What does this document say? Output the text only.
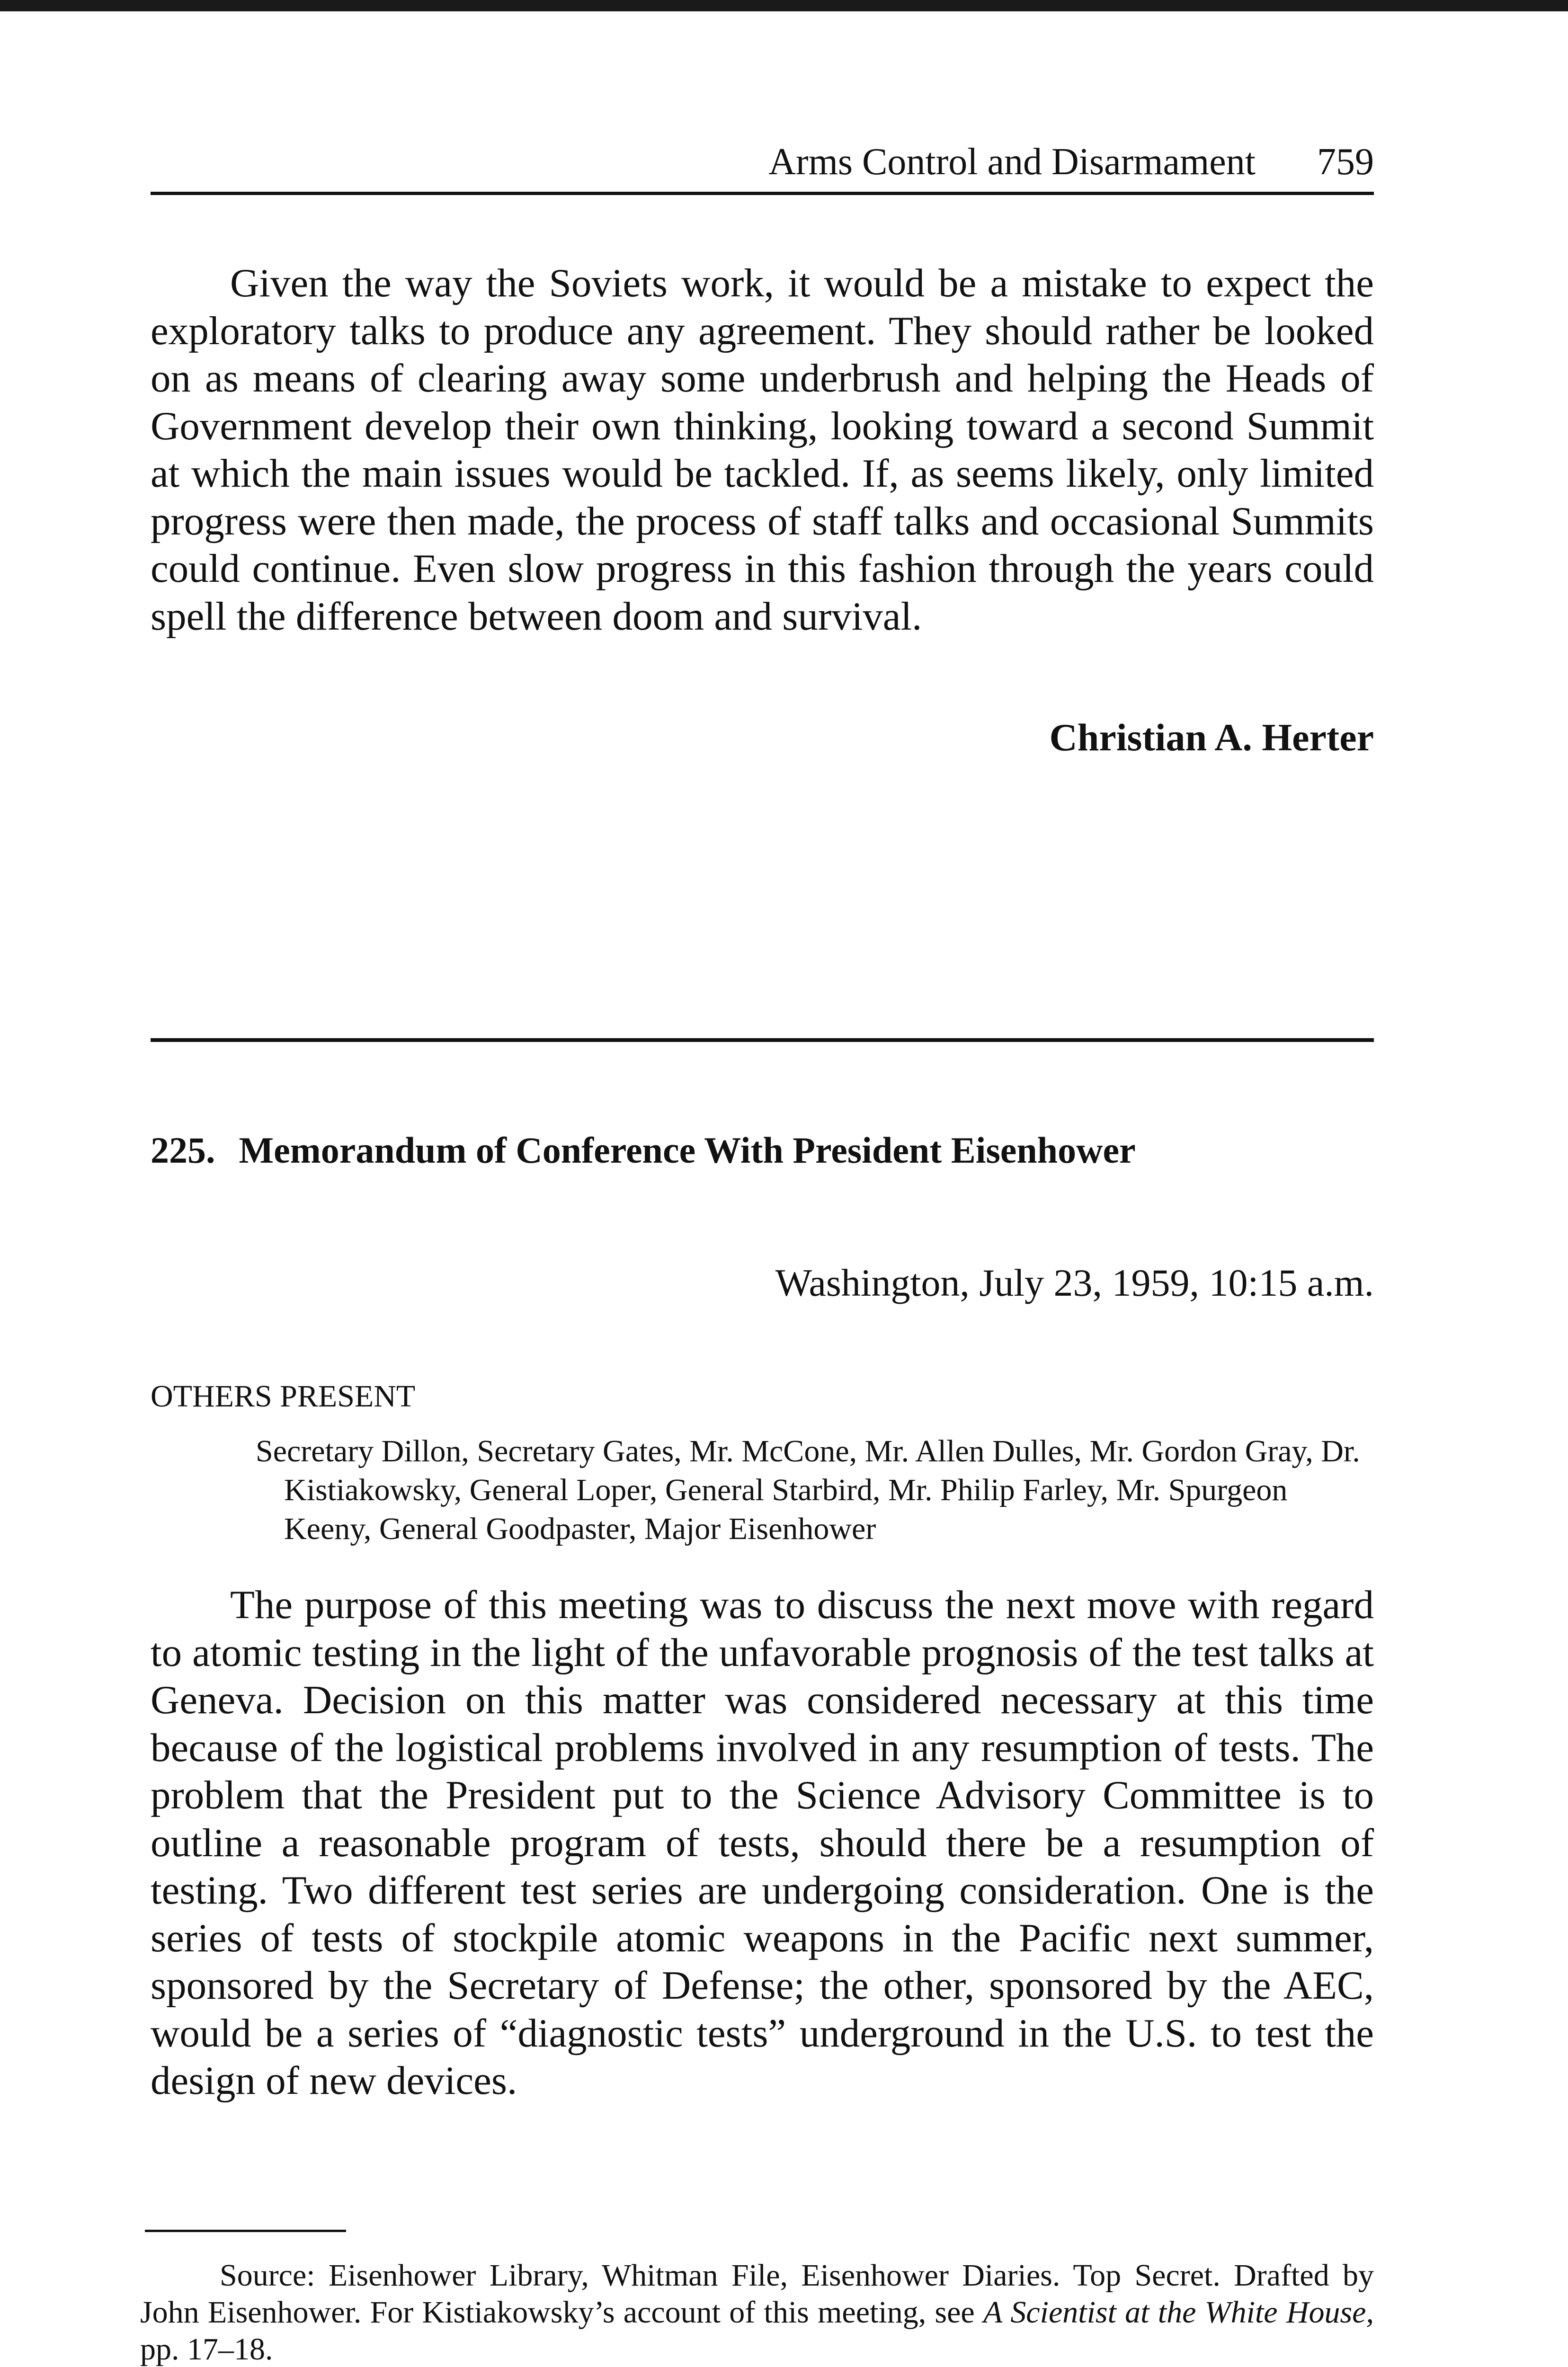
Arms Control and Disarmament 759

Given the way the Soviets work, it would be a mistake to expect the exploratory talks to produce any agreement. They should rather be looked on as means of clearing away some underbrush and helping the Heads of Government develop their own thinking, looking toward a second Summit at which the main issues would be tackled. If, as seems likely, only limited progress were then made, the process of staff talks and occasional Summits could continue. Even slow progress in this fashion through the years could spell the difference between doom and survival.

Christian A. Herter
225. Memorandum of Conference With President Eisenhower
Washington, July 23, 1959, 10:15 a.m.
OTHERS PRESENT

Secretary Dillon, Secretary Gates, Mr. McCone, Mr. Allen Dulles, Mr. Gordon Gray, Dr. Kistiakowsky, General Loper, General Starbird, Mr. Philip Farley, Mr. Spurgeon Keeny, General Goodpaster, Major Eisenhower

The purpose of this meeting was to discuss the next move with regard to atomic testing in the light of the unfavorable prognosis of the test talks at Geneva. Decision on this matter was considered necessary at this time because of the logistical problems involved in any resumption of tests. The problem that the President put to the Science Advisory Committee is to outline a reasonable program of tests, should there be a resumption of testing. Two different test series are undergoing consideration. One is the series of tests of stockpile atomic weapons in the Pacific next summer, sponsored by the Secretary of Defense; the other, sponsored by the AEC, would be a series of “diagnostic tests” underground in the U.S. to test the design of new devices.

Source: Eisenhower Library, Whitman File, Eisenhower Diaries. Top Secret. Drafted by John Eisenhower. For Kistiakowsky’s account of this meeting, see A Scientist at the White House, pp. 17–18.
